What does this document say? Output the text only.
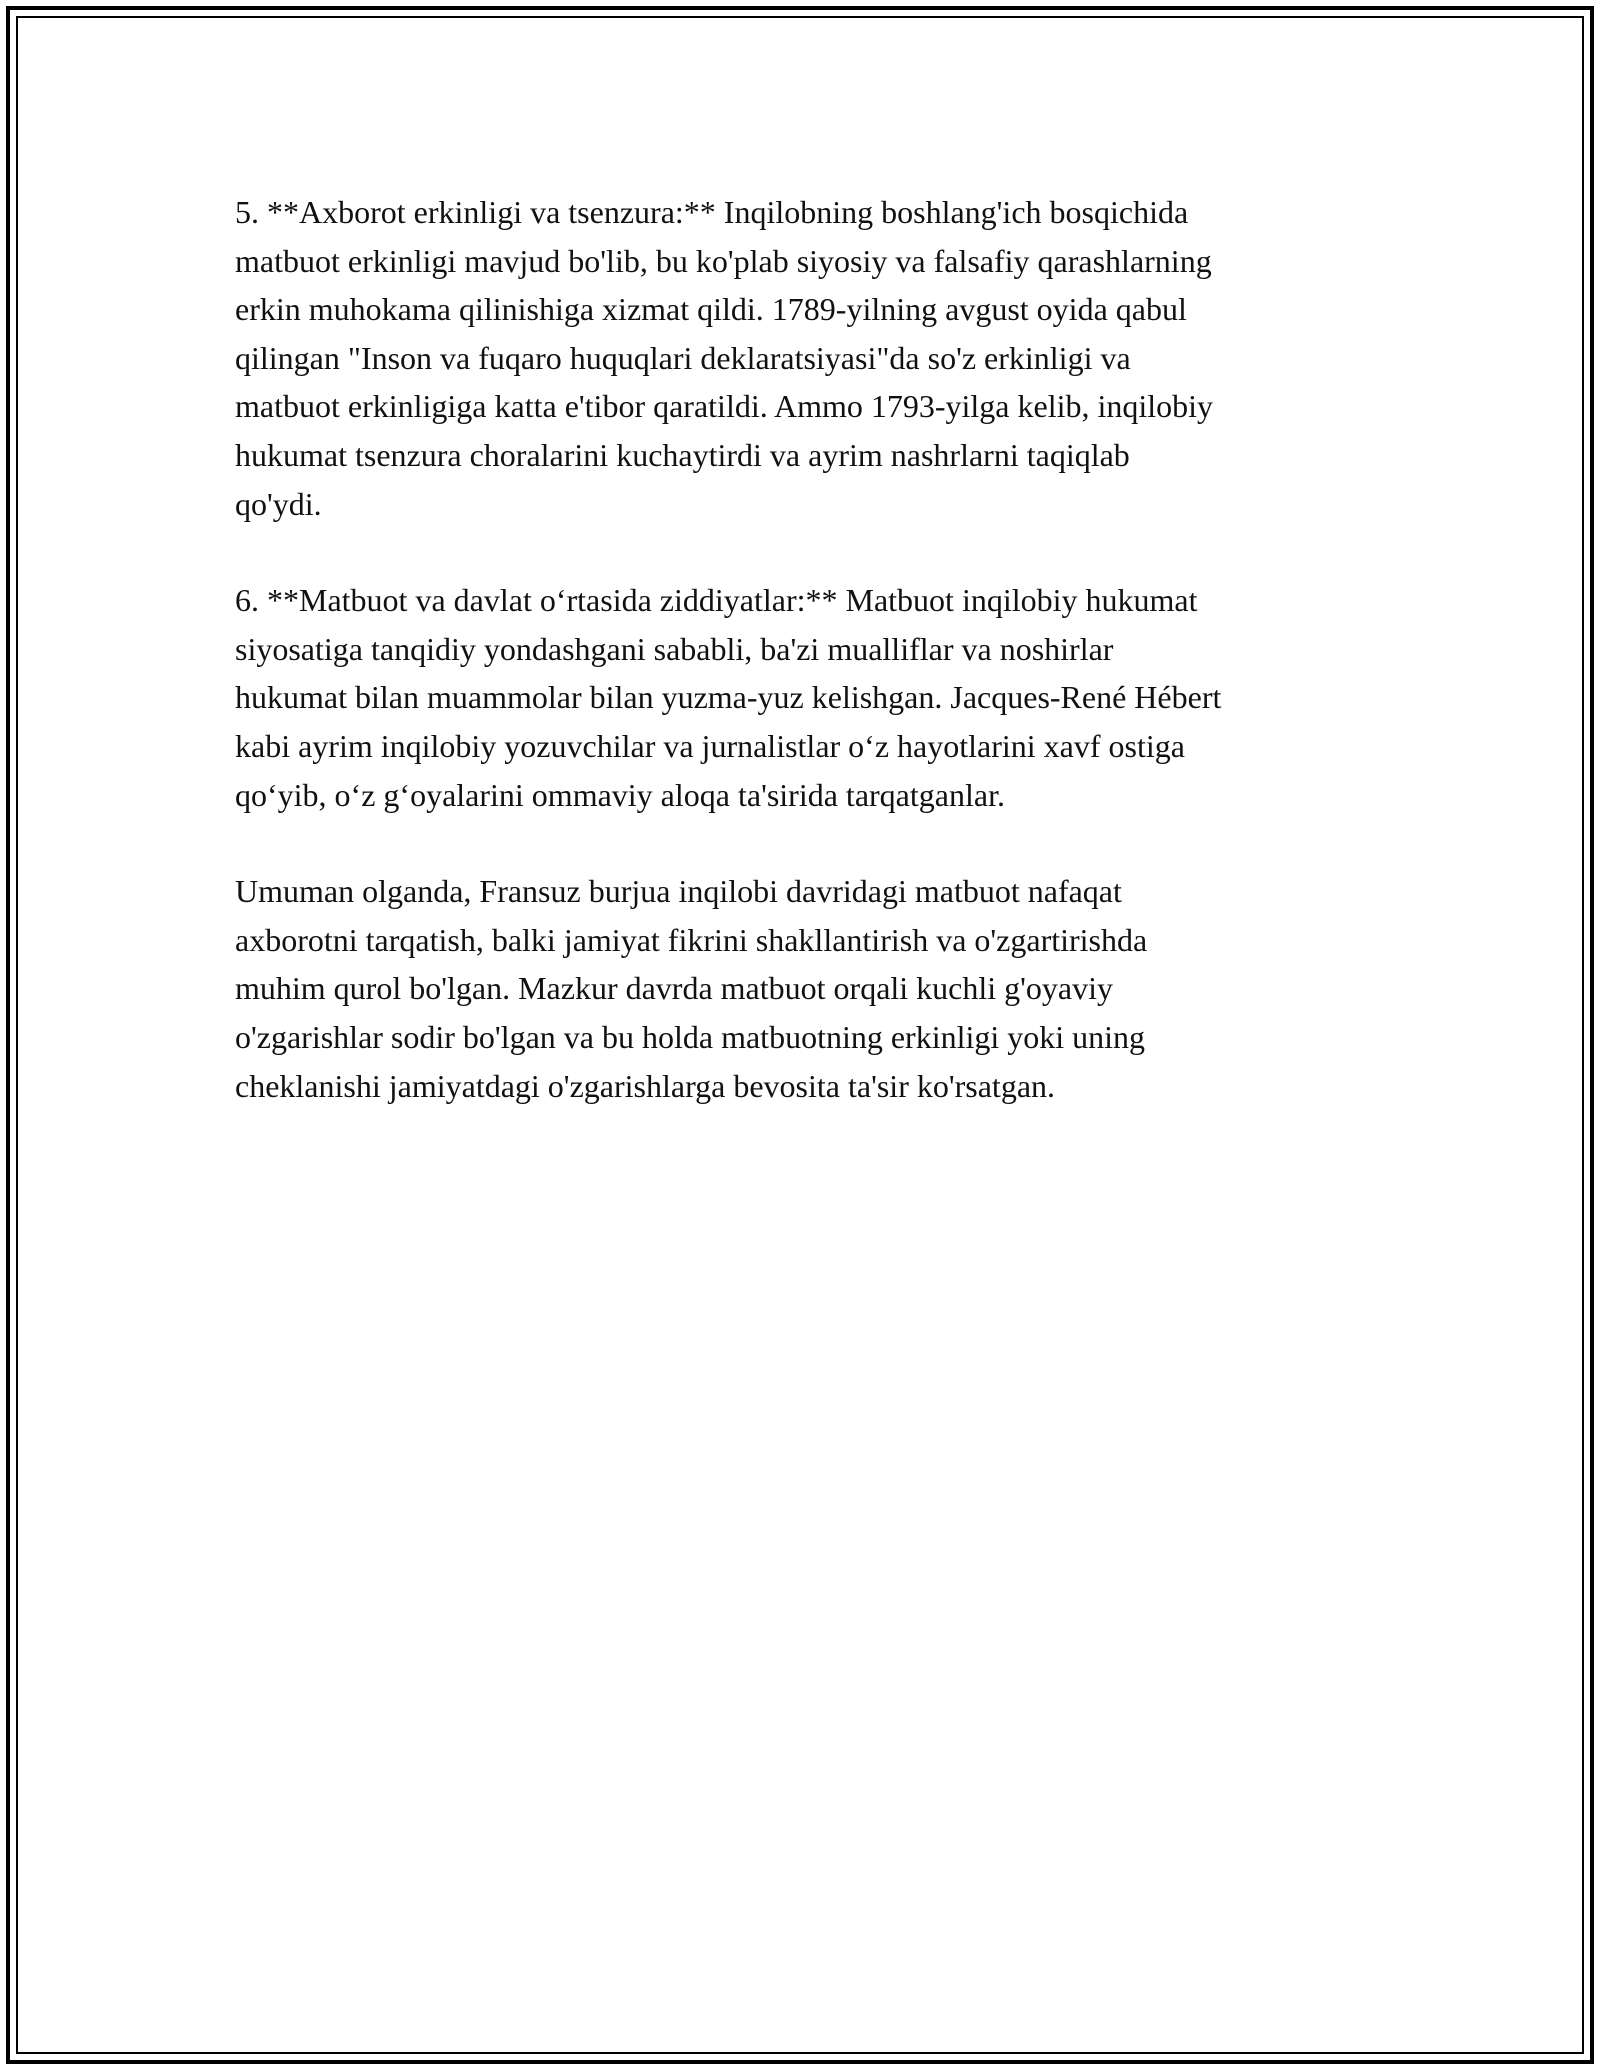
5. **Axborot erkinligi va tsenzura:** Inqilobning boshlang'ich bosqichida
matbuot erkinligi mavjud bo'lib, bu ko'plab siyosiy va falsafiy qarashlarning
erkin muhokama qilinishiga xizmat qildi. 1789-yilning avgust oyida qabul
qilingan "Inson va fuqaro huquqlari deklaratsiyasi"da so'z erkinligi va
matbuot erkinligiga katta e'tibor qaratildi. Ammo 1793-yilga kelib, inqilobiy
hukumat tsenzura choralarini kuchaytirdi va ayrim nashrlarni taqiqlab
qo'ydi.

6. **Matbuot va davlat oʻrtasida ziddiyatlar:** Matbuot inqilobiy hukumat
siyosatiga tanqidiy yondashgani sababli, ba'zi mualliflar va noshirlar
hukumat bilan muammolar bilan yuzma-yuz kelishgan. Jacques-René Hébert
kabi ayrim inqilobiy yozuvchilar va jurnalistlar oʻz hayotlarini xavf ostiga
qoʻyib, oʻz gʻoyalarini ommaviy aloqa ta'sirida tarqatganlar.

Umuman olganda, Fransuz burjua inqilobi davridagi matbuot nafaqat
axborotni tarqatish, balki jamiyat fikrini shakllantirish va o'zgartirishda
muhim qurol bo'lgan. Mazkur davrda matbuot orqali kuchli g'oyaviy
o'zgarishlar sodir bo'lgan va bu holda matbuotning erkinligi yoki uning
cheklanishi jamiyatdagi o'zgarishlarga bevosita ta'sir ko'rsatgan.
